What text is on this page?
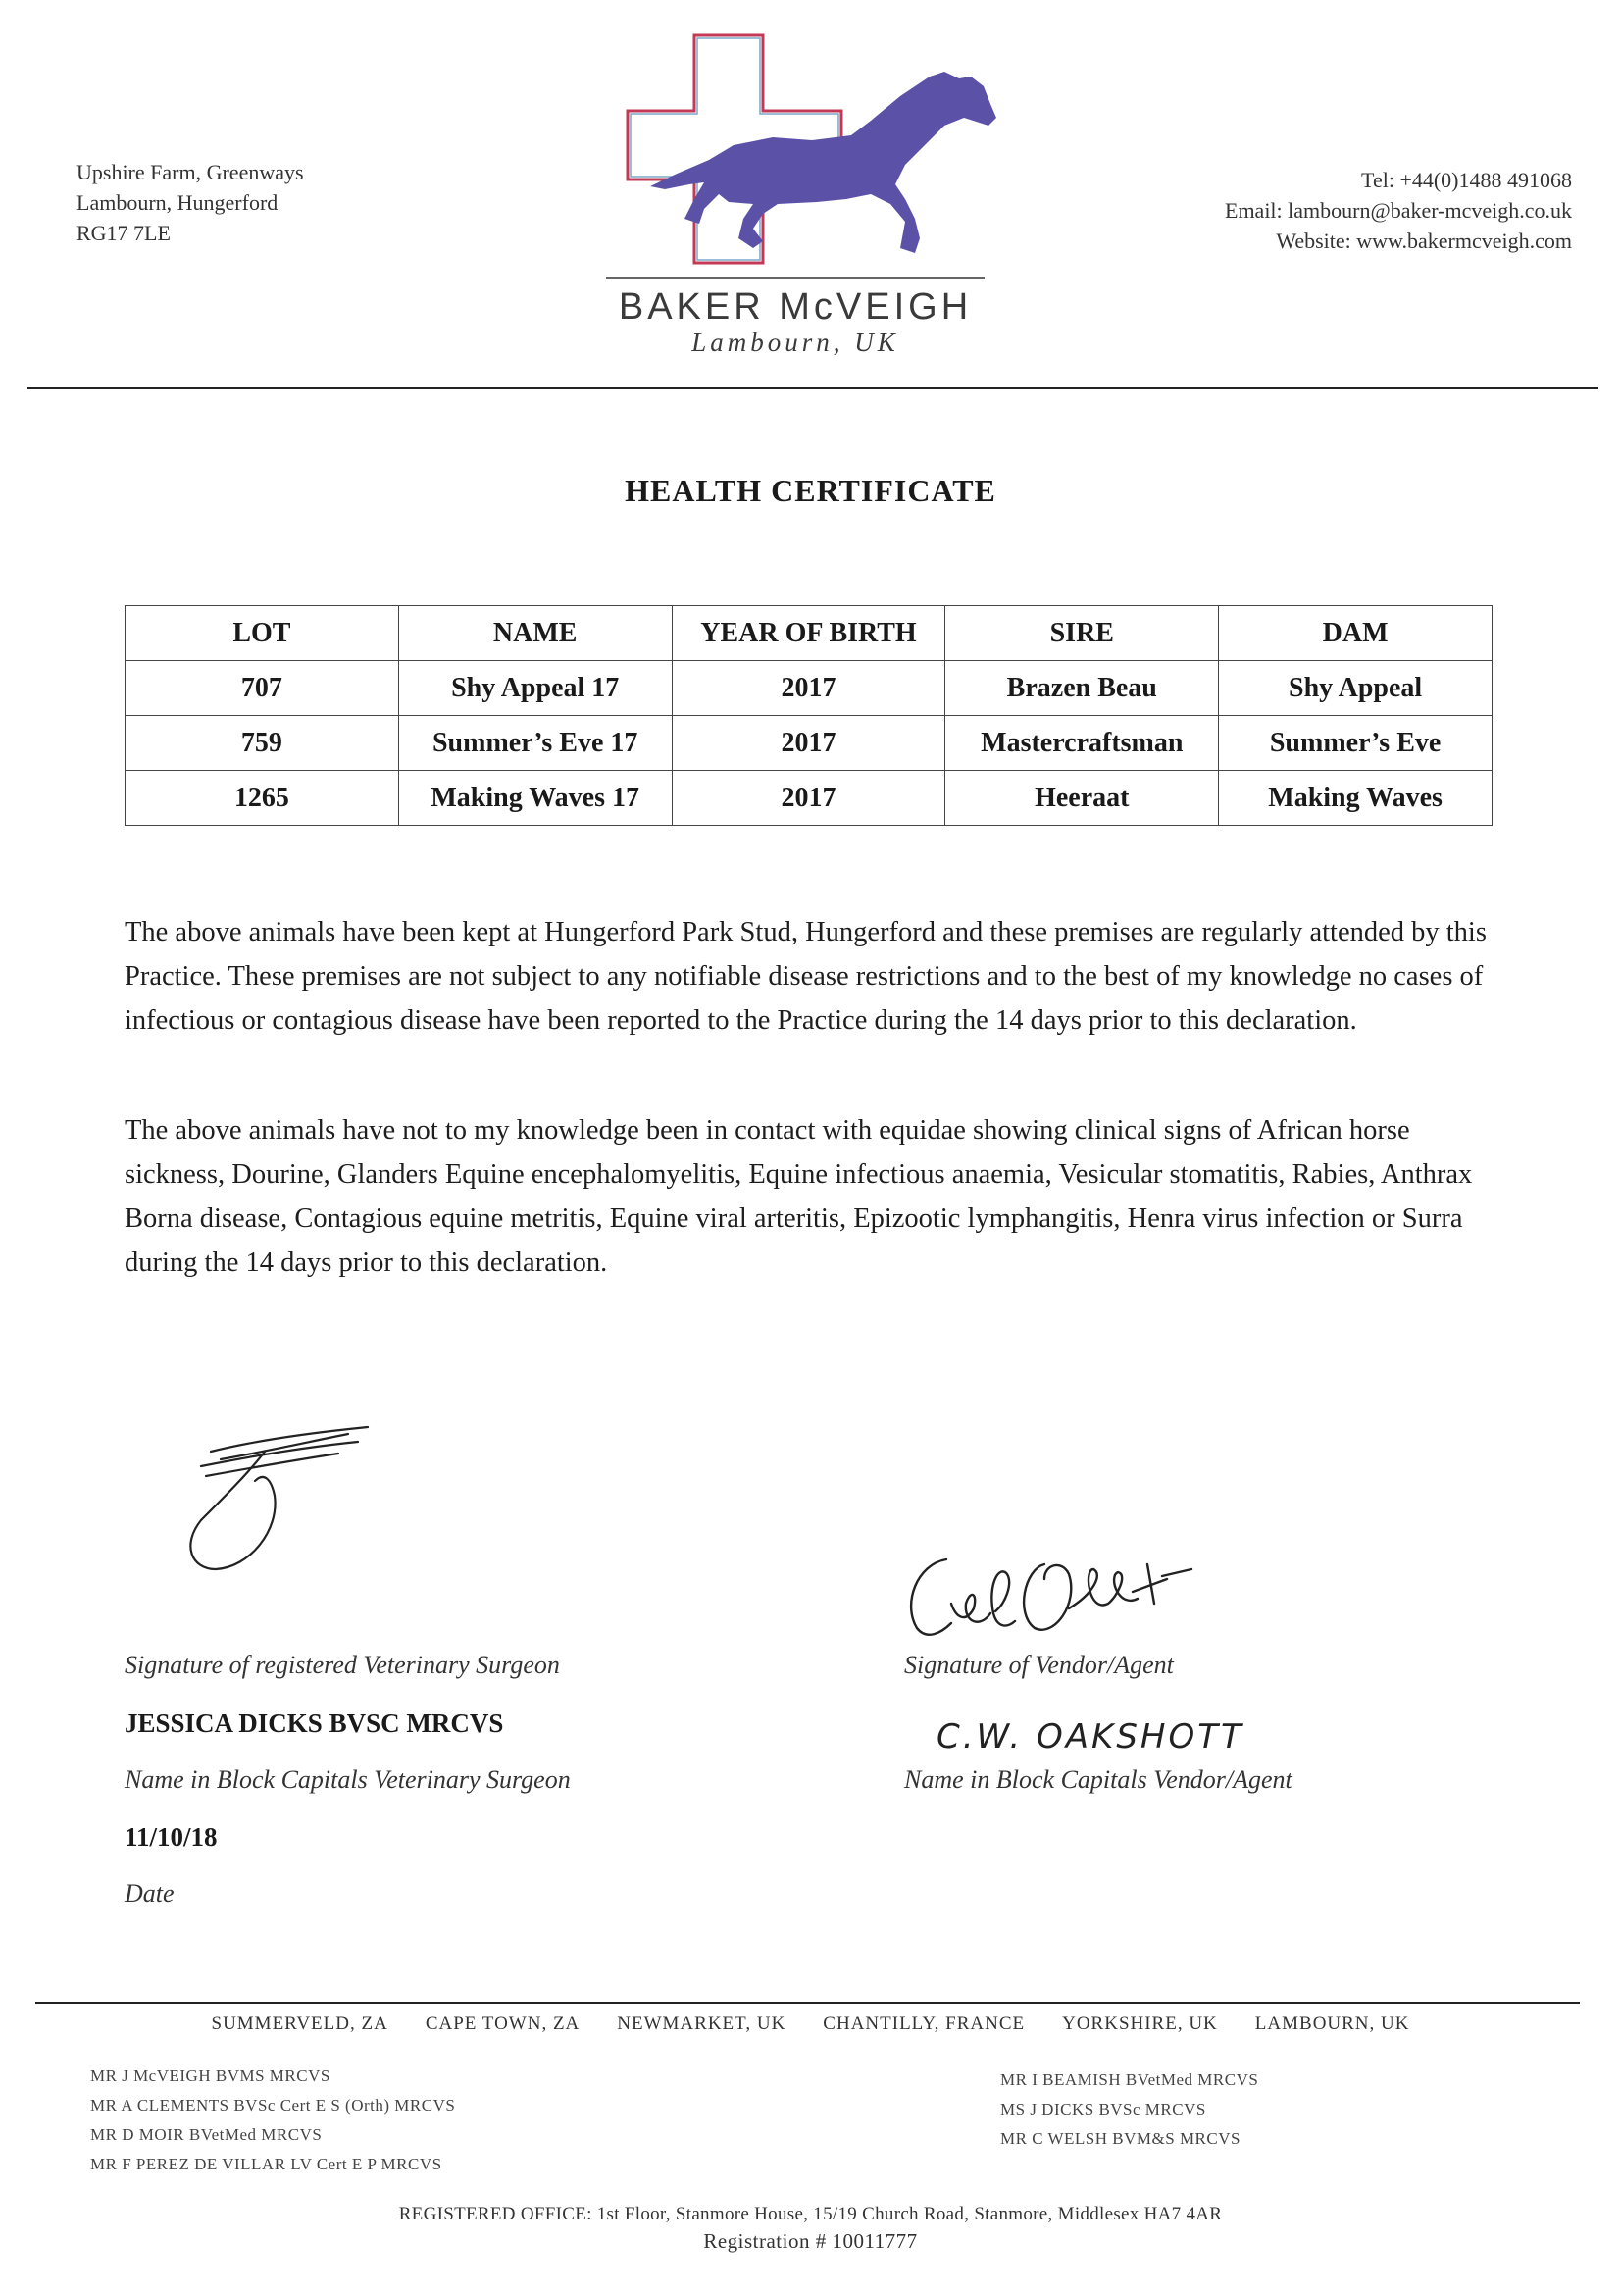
Upshire Farm, Greenways
Lambourn, Hungerford
RG17 7LE
BAKER McVEIGH
Lambourn, UK
Tel: +44(0)1488 491068
Email: lambourn@baker-mcveigh.co.uk
Website: www.bakermcveigh.com
HEALTH CERTIFICATE
LOT	NAME	YEAR OF BIRTH	SIRE	DAM
707	Shy Appeal 17	2017	Brazen Beau	Shy Appeal
759	Summer’s Eve 17	2017	Mastercraftsman	Summer’s Eve
1265	Making Waves 17	2017	Heeraat	Making Waves
The above animals have been kept at Hungerford Park Stud, Hungerford and these premises are regularly attended by this Practice. These premises are not subject to any notifiable disease restrictions and to the best of my knowledge no cases of infectious or contagious disease have been reported to the Practice during the 14 days prior to this declaration.
The above animals have not to my knowledge been in contact with equidae showing clinical signs of African horse sickness, Dourine, Glanders Equine encephalomyelitis, Equine infectious anaemia, Vesicular stomatitis, Rabies, Anthrax Borna disease, Contagious equine metritis, Equine viral arteritis, Epizootic lymphangitis, Henra virus infection or Surra during the 14 days prior to this declaration.
Signature of registered Veterinary Surgeon
JESSICA DICKS BVSC MRCVS
Name in Block Capitals Veterinary Surgeon
11/10/18
Date
C.W. OAKSHOTT
Signature of Vendor/Agent
Name in Block Capitals Vendor/Agent
SUMMERVELD, ZA CAPE TOWN, ZA NEWMARKET, UK CHANTILLY, FRANCE YORKSHIRE, UK LAMBOURN, UK
MR J McVEIGH BVMS MRCVS
MR A CLEMENTS BVSc Cert E S (Orth) MRCVS
MR D MOIR BVetMed MRCVS
MR F PEREZ DE VILLAR LV Cert E P MRCVS
MR I BEAMISH BVetMed MRCVS
MS J DICKS BVSc MRCVS
MR C WELSH BVM&S MRCVS
REGISTERED OFFICE: 1st Floor, Stanmore House, 15/19 Church Road, Stanmore, Middlesex HA7 4AR
Registration # 10011777
